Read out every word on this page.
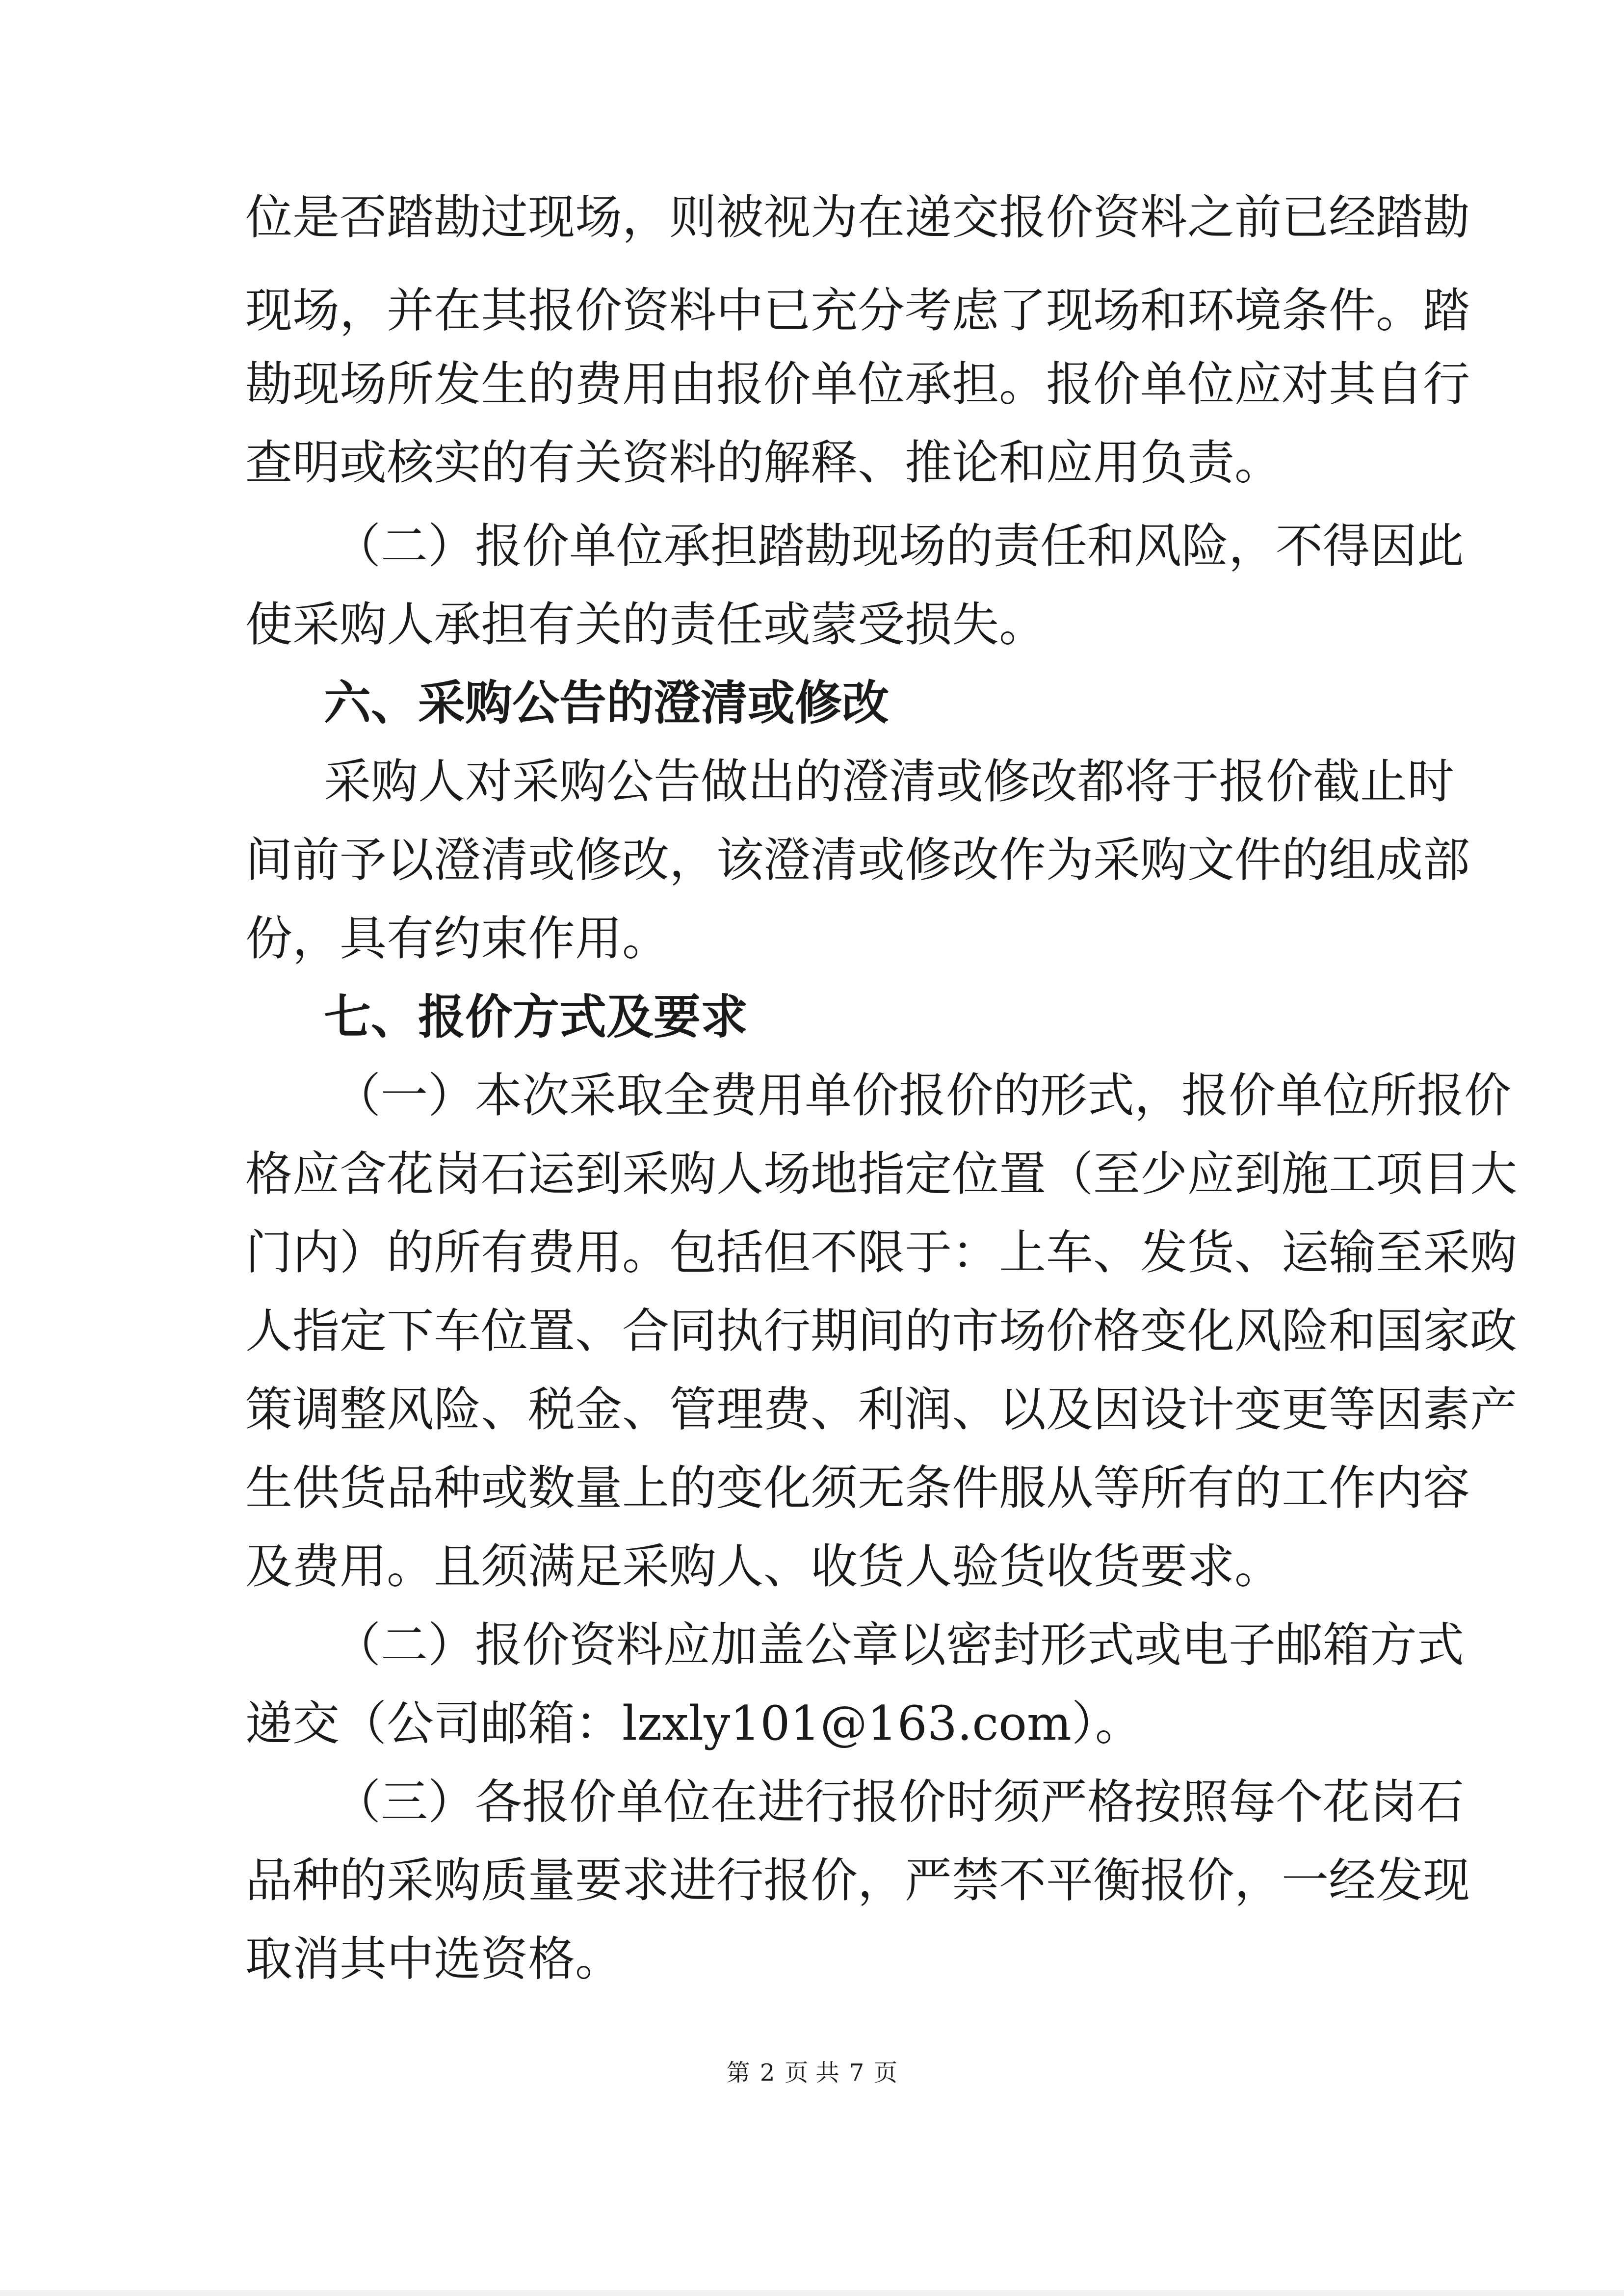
位是否踏勘过现场，则被视为在递交报价资料之前已经踏勘

现场，并在其报价资料中已充分考虑了现场和环境条件。踏

勘现场所发生的费用由报价单位承担。报价单位应对其自行

查明或核实的有关资料的解释、推论和应用负责。

（二）报价单位承担踏勘现场的责任和风险，不得因此

使采购人承担有关的责任或蒙受损失。

六、采购公告的澄清或修改

采购人对采购公告做出的澄清或修改都将于报价截止时

间前予以澄清或修改，该澄清或修改作为采购文件的组成部

份，具有约束作用。

七、报价方式及要求

（一）本次采取全费用单价报价的形式，报价单位所报价

格应含花岗石运到采购人场地指定位置（至少应到施工项目大

门内）的所有费用。包括但不限于：上车、发货、运输至采购

人指定下车位置、合同执行期间的市场价格变化风险和国家政

策调整风险、税金、管理费、利润、以及因设计变更等因素产

生供货品种或数量上的变化须无条件服从等所有的工作内容

及费用。且须满足采购人、收货人验货收货要求。

（二）报价资料应加盖公章以密封形式或电子邮箱方式

递交（公司邮箱：lzxly101@163.com）。

（三）各报价单位在进行报价时须严格按照每个花岗石

品种的采购质量要求进行报价，严禁不平衡报价，一经发现

取消其中选资格。

第 2 页 共 7 页
